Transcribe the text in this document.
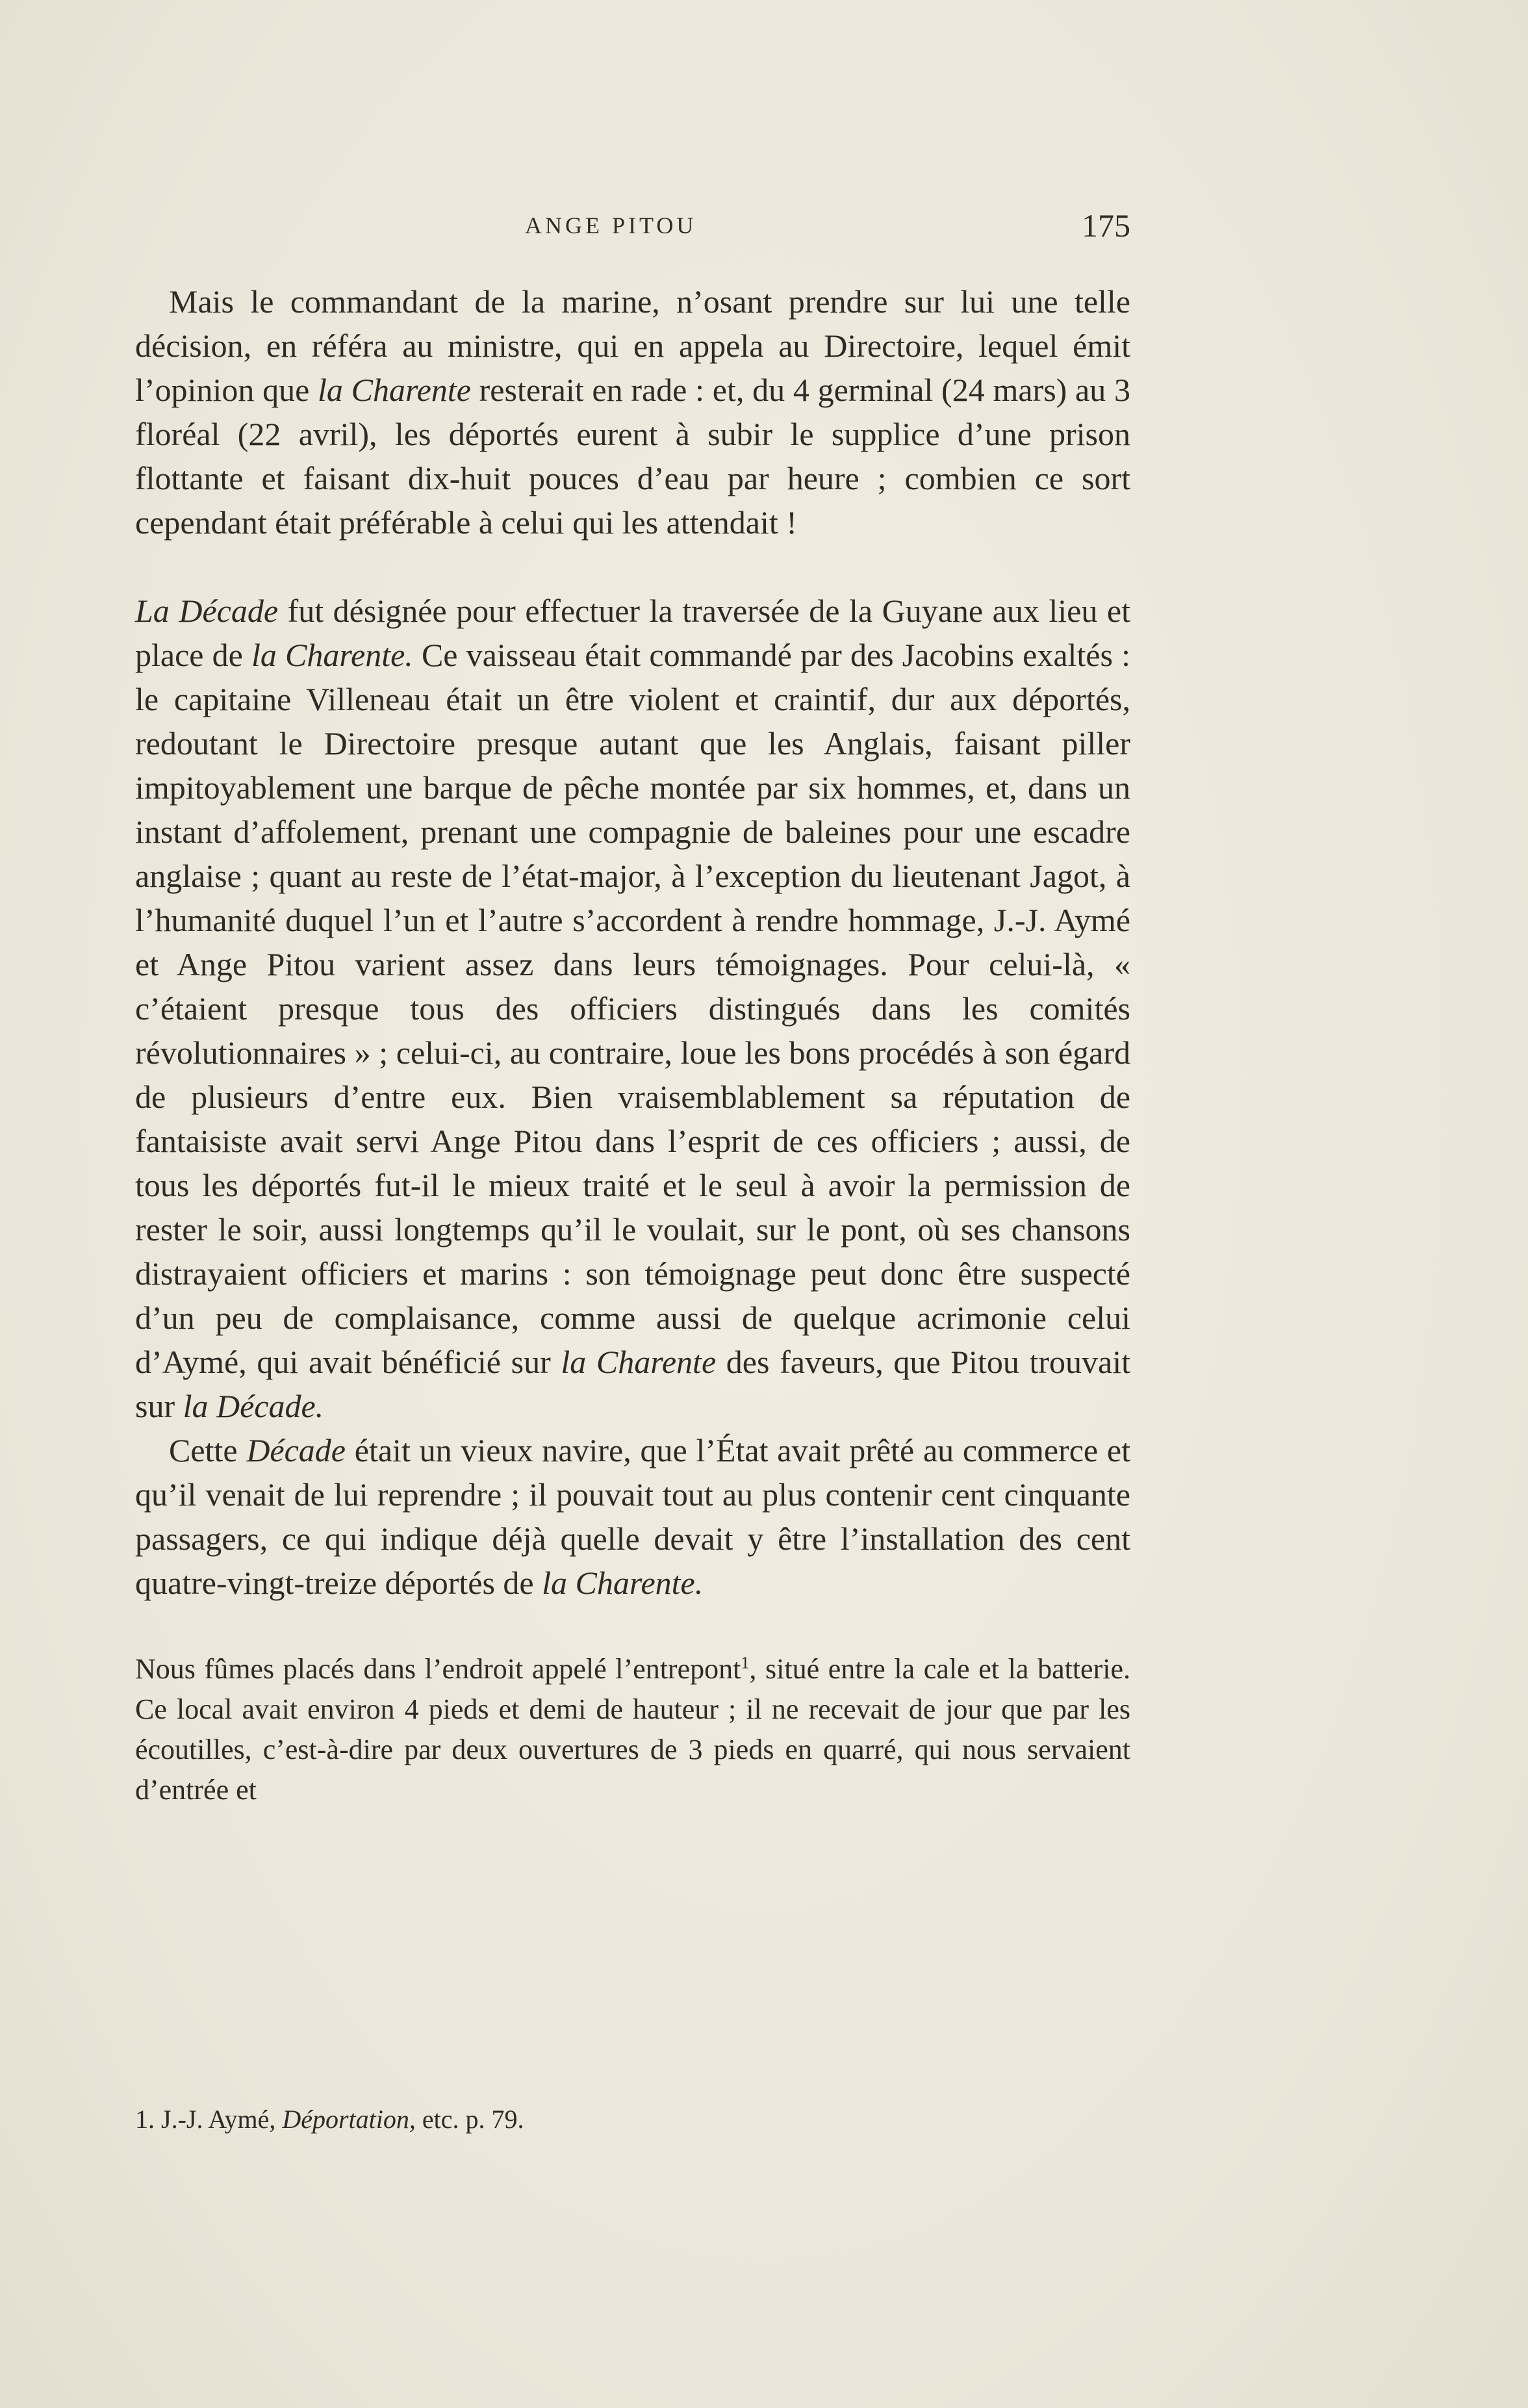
ANGE PITOU	175

Mais le commandant de la marine, n’osant prendre sur lui une telle décision, en référa au ministre, qui en appela au Directoire, lequel émit l’opinion que la Charente resterait en rade : et, du 4 germinal (24 mars) au 3 floréal (22 avril), les déportés eurent à subir le supplice d’une prison flottante et faisant dix-huit pouces d’eau par heure ; combien ce sort cependant était préférable à celui qui les attendait !

La Décade fut désignée pour effectuer la traversée de la Guyane aux lieu et place de la Charente. Ce vaisseau était commandé par des Jacobins exaltés : le capitaine Villeneau était un être violent et craintif, dur aux déportés, redoutant le Directoire presque autant que les Anglais, faisant piller impitoyablement une barque de pêche montée par six hommes, et, dans un instant d’affolement, prenant une compagnie de baleines pour une escadre anglaise ; quant au reste de l’état-major, à l’exception du lieutenant Jagot, à l’humanité duquel l’un et l’autre s’accordent à rendre hommage, J.-J. Aymé et Ange Pitou varient assez dans leurs témoignages. Pour celui-là, « c’étaient presque tous des officiers distingués dans les comités révolutionnaires » ; celui-ci, au contraire, loue les bons procédés à son égard de plusieurs d’entre eux. Bien vraisemblablement sa réputation de fantaisiste avait servi Ange Pitou dans l’esprit de ces officiers ; aussi, de tous les déportés fut-il le mieux traité et le seul à avoir la permission de rester le soir, aussi longtemps qu’il le voulait, sur le pont, où ses chansons distrayaient officiers et marins : son témoignage peut donc être suspecté d’un peu de complaisance, comme aussi de quelque acrimonie celui d’Aymé, qui avait bénéficié sur la Charente des faveurs, que Pitou trouvait sur la Décade.

Cette Décade était un vieux navire, que l’État avait prêté au commerce et qu’il venait de lui reprendre ; il pouvait tout au plus contenir cent cinquante passagers, ce qui indique déjà quelle devait y être l’installation des cent quatre-vingt-treize déportés de la Charente.

Nous fûmes placés dans l’endroit appelé l’entrepont$^1$, situé entre la cale et la batterie. Ce local avait environ 4 pieds et demi de hauteur ; il ne recevait de jour que par les écoutilles, c’est-à-dire par deux ouvertures de 3 pieds en quarré, qui nous servaient d’entrée et

1. J.-J. Aymé, Déportation, etc. p. 79.
